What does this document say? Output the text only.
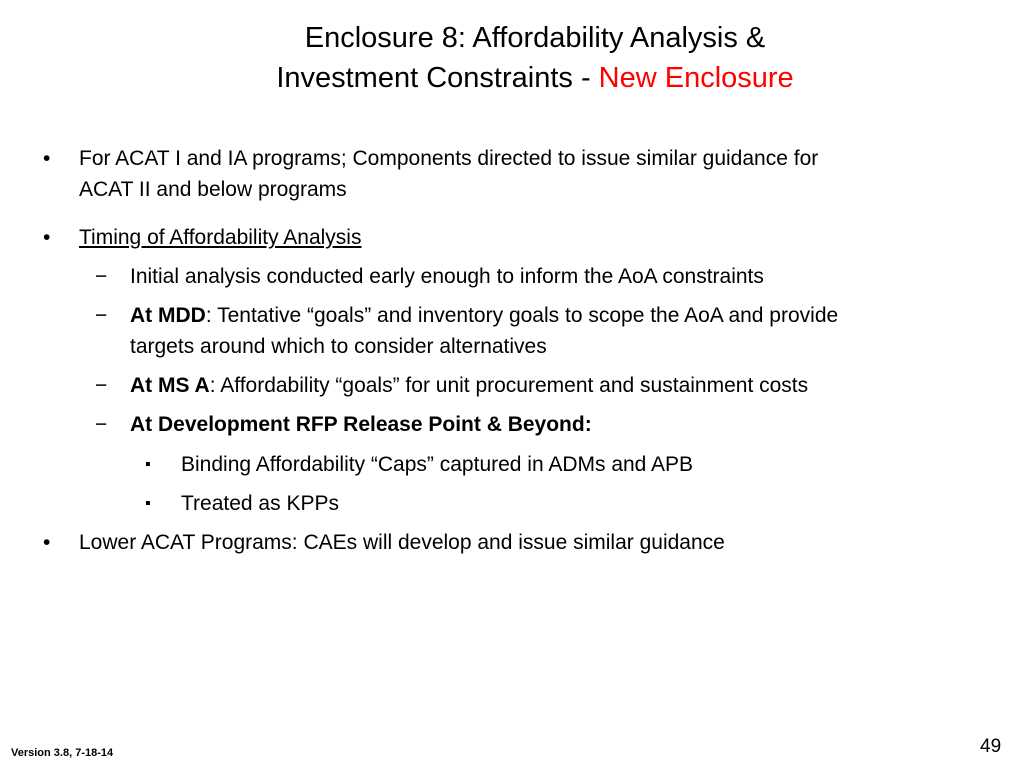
Enclosure 8: Affordability Analysis &
Investment Constraints - New Enclosure
• For ACAT I and IA programs; Components directed to issue similar guidance for
ACAT II and below programs
• Timing of Affordability Analysis
− Initial analysis conducted early enough to inform the AoA constraints
− At MDD: Tentative “goals” and inventory goals to scope the AoA and provide
targets around which to consider alternatives
− At MS A: Affordability “goals” for unit procurement and sustainment costs
− At Development RFP Release Point & Beyond:
▪ Binding Affordability “Caps” captured in ADMs and APB
▪ Treated as KPPs
• Lower ACAT Programs: CAEs will develop and issue similar guidance
Version 3.8, 7-18-14	49
